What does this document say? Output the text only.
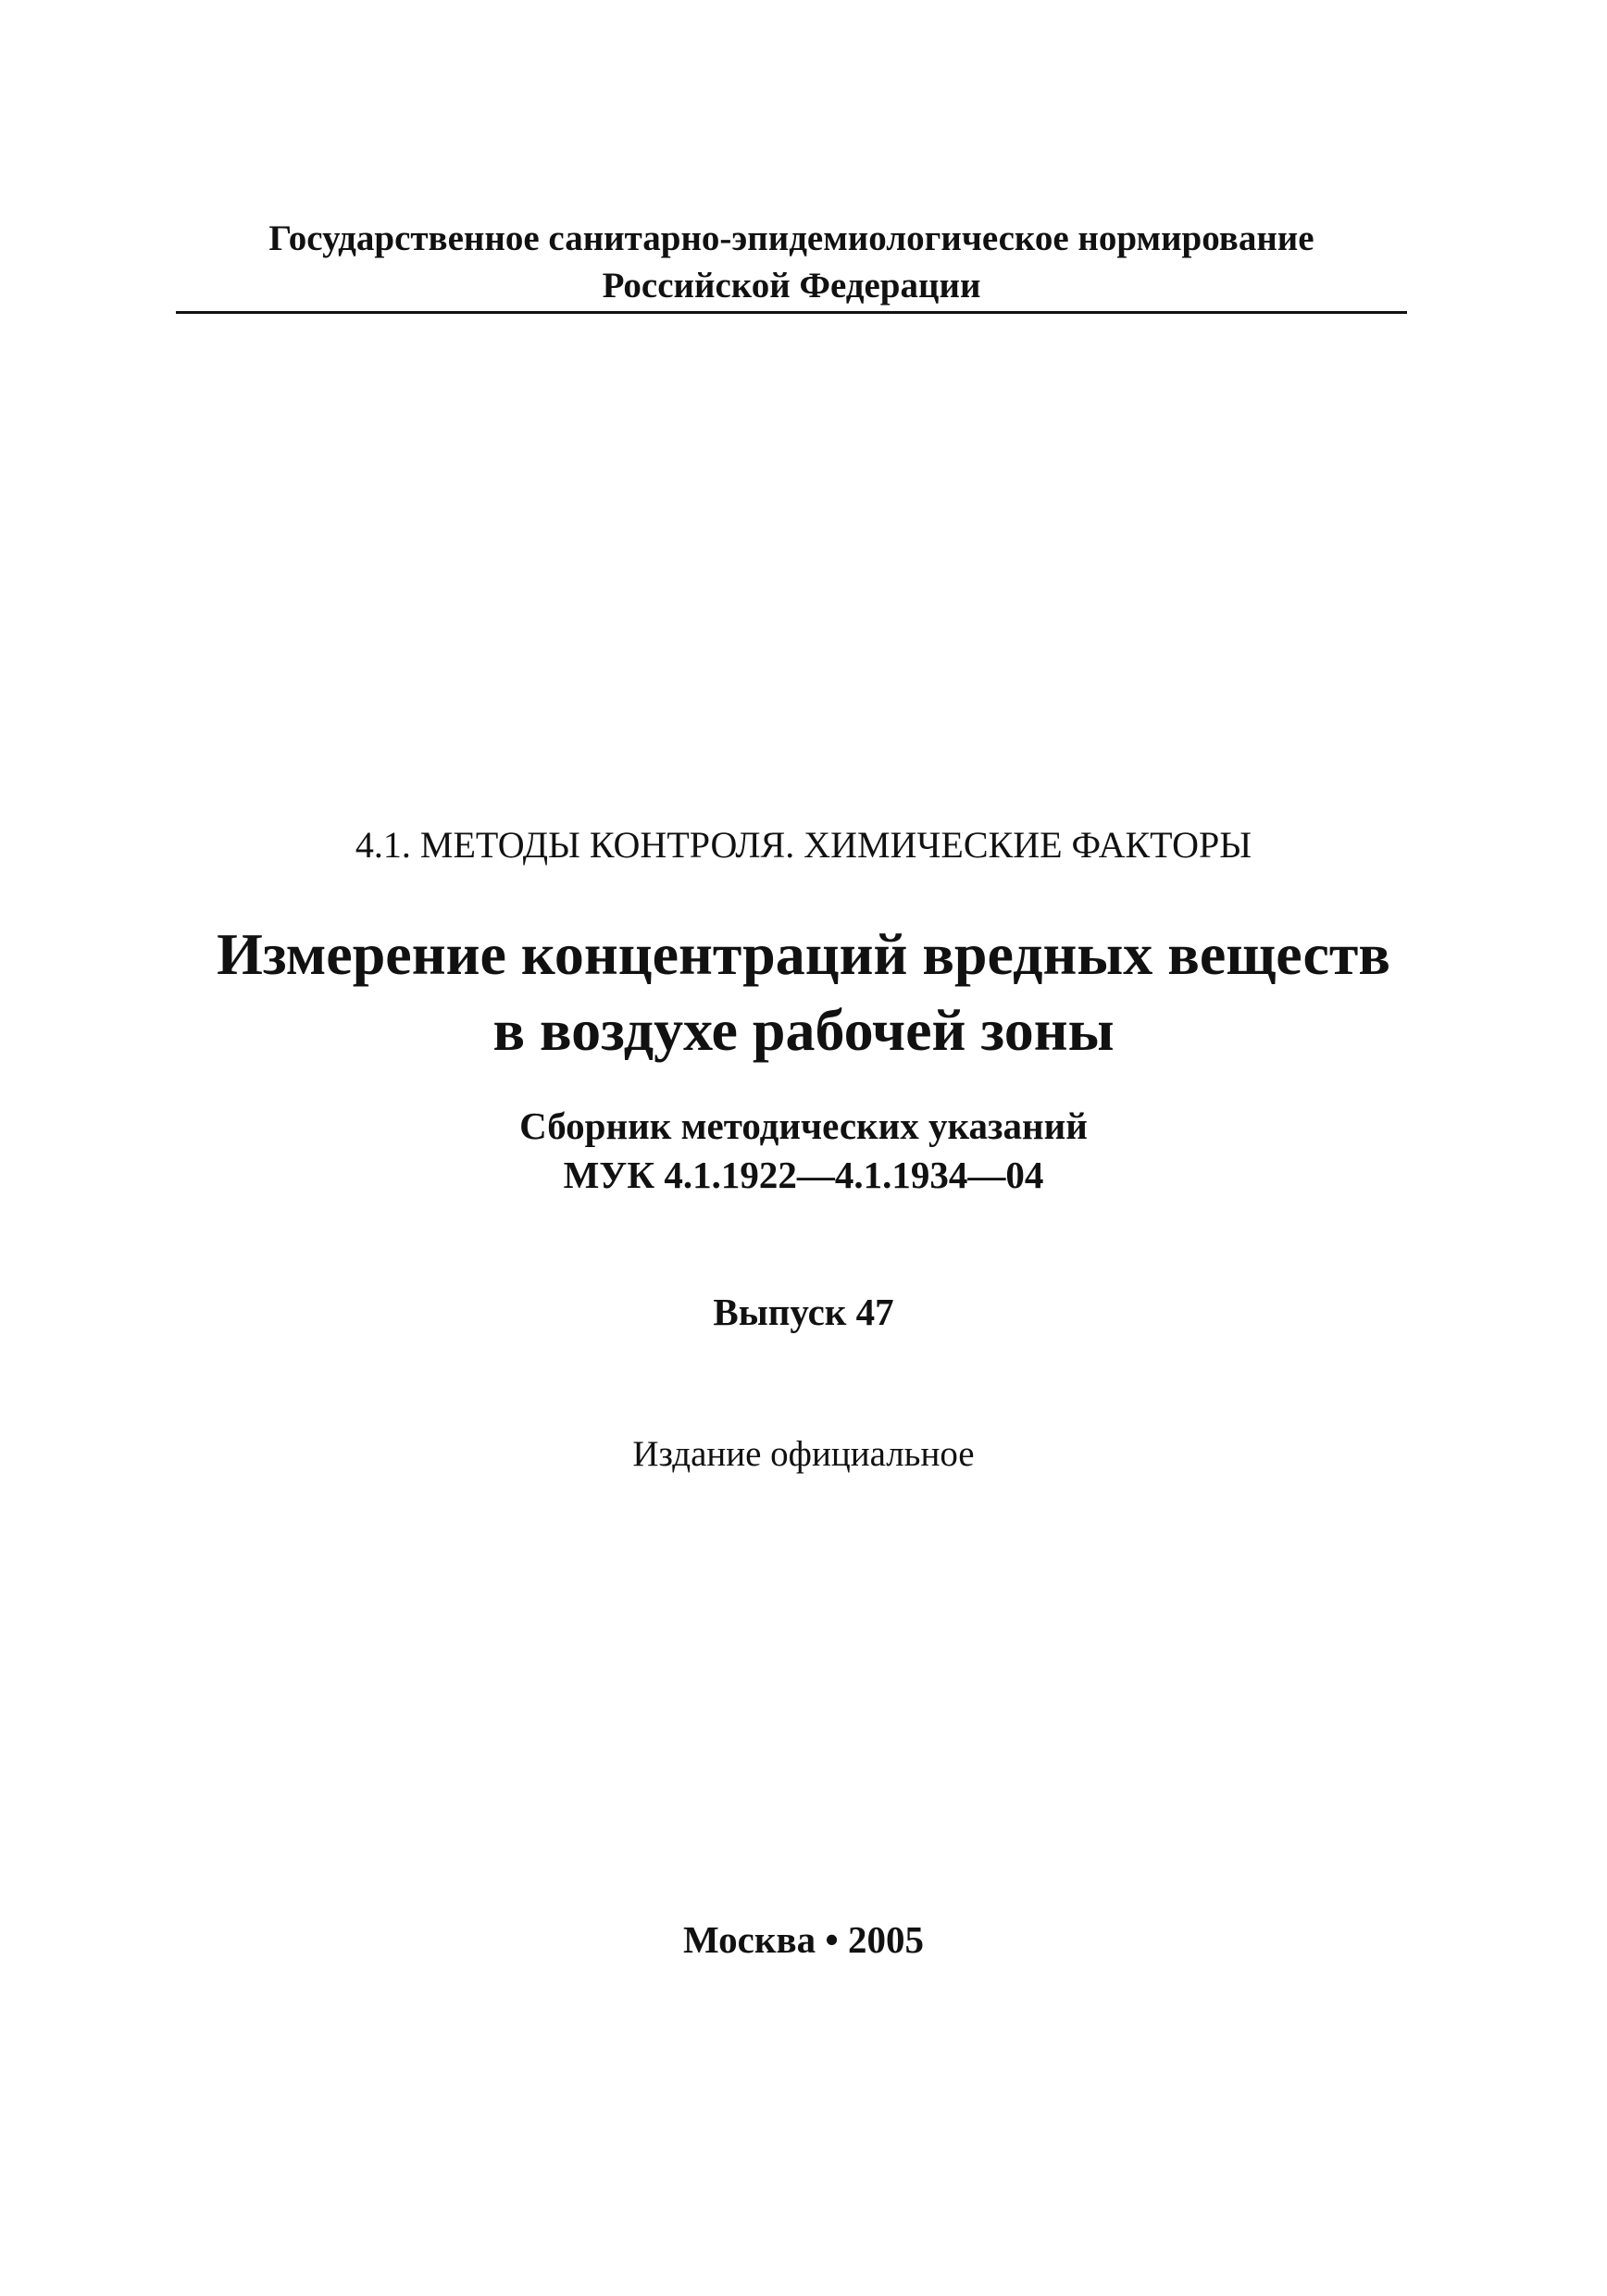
Государственное санитарно-эпидемиологическое нормирование
Российской Федерации
4.1. МЕТОДЫ КОНТРОЛЯ. ХИМИЧЕСКИЕ ФАКТОРЫ
Измерение концентраций вредных веществ
в воздухе рабочей зоны
Сборник методических указаний
МУК 4.1.1922—4.1.1934—04
Выпуск 47
Издание официальное
Москва • 2005
